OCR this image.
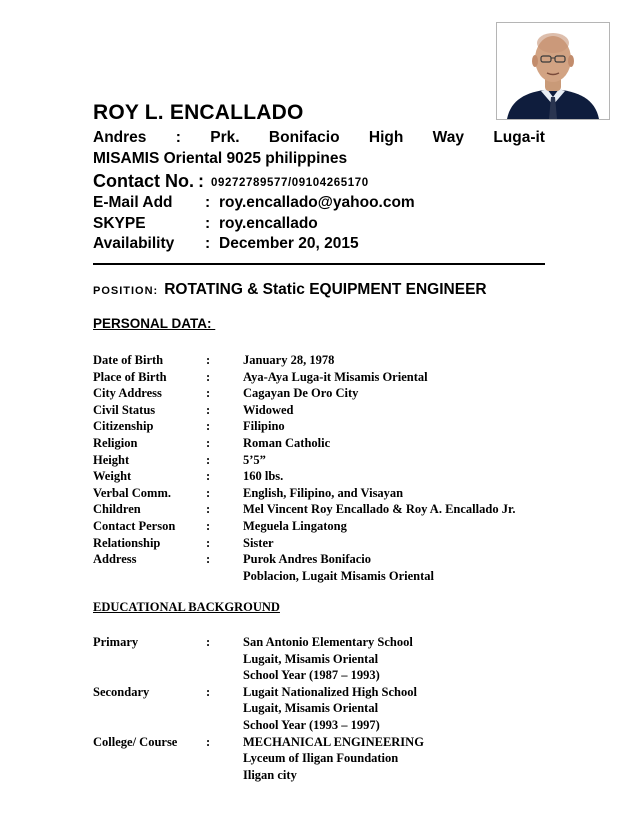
ROY L. ENCALLADO
Andres : Prk. Bonifacio High Way Luga-it
MISAMIS Oriental 9025 philippines
Contact No. : 09272789577/09104265170
E-Mail Add : roy.encallado@yahoo.com
SKYPE	: roy.encallado
Availability : December 20, 2015
POSITION: ROTATING & Static EQUIPMENT ENGINEER
PERSONAL DATA:
Date of Birth	:	January 28, 1978
Place of Birth	:	Aya-Aya Luga-it Misamis Oriental
City Address	:	Cagayan De Oro City
Civil Status	:	Widowed
Citizenship	:	Filipino
Religion	:	Roman Catholic
Height	:	5’5”
Weight	:	160 lbs.
Verbal Comm.	:	English, Filipino, and Visayan
Children	:	Mel Vincent Roy Encallado & Roy A. Encallado Jr.
Contact Person :	Meguela Lingatong
Relationship	:	Sister
Address	:	Purok Andres Bonifacio
Poblacion, Lugait Misamis Oriental
EDUCATIONAL BACKGROUND
Primary	:	San Antonio Elementary School
Lugait, Misamis Oriental
School Year (1987 – 1993)
Secondary	:	Lugait Nationalized High School
Lugait, Misamis Oriental
School Year (1993 – 1997)
College/ Course :	MECHANICAL ENGINEERING
Lyceum of Iligan Foundation
Iligan city
